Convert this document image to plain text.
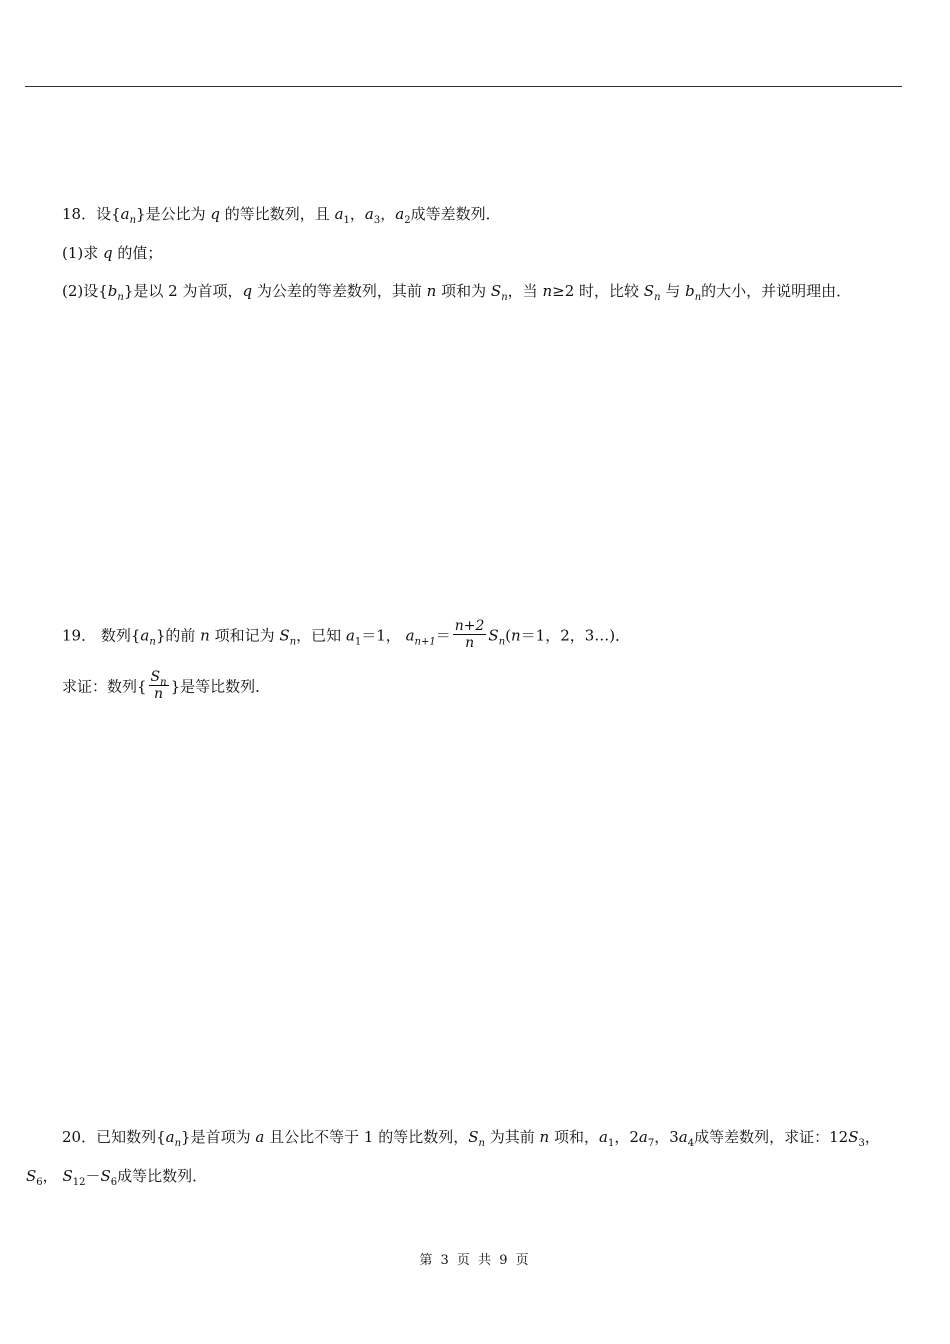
18．设$\{a_n\}$是公比为 q 的等比数列，且 $a_1$，$a_3$，$a_2$成等差数列．
(1)求 q 的值；
(2)设$\{b_n\}$是以 2 为首项，q 为公差的等差数列，其前 n 项和为 $S_n$，当 n≥2 时，比较 $S_n$ 与 $b_n$的大小，并说明理由．
19． 数列$\{a_n\}$的前 n 项和记为 $S_n$，已知 $a_1=1$， $a_{n+1}= \frac{n+2}{n} S_n(n=1$，2，3…)．
求证：数列{ $\frac{S_n}{n}$ }是等比数列．
20．已知数列$\{a_n\}$是首项为 a 且公比不等于 1 的等比数列，$S_n$ 为其前 n 项和，$a_1$，$2a_7$，$3a_4$成等差数列，求证：$12S_3$，
$S_6$， $S_{12}-S_6$成等比数列．
第 3 页 共 9 页
